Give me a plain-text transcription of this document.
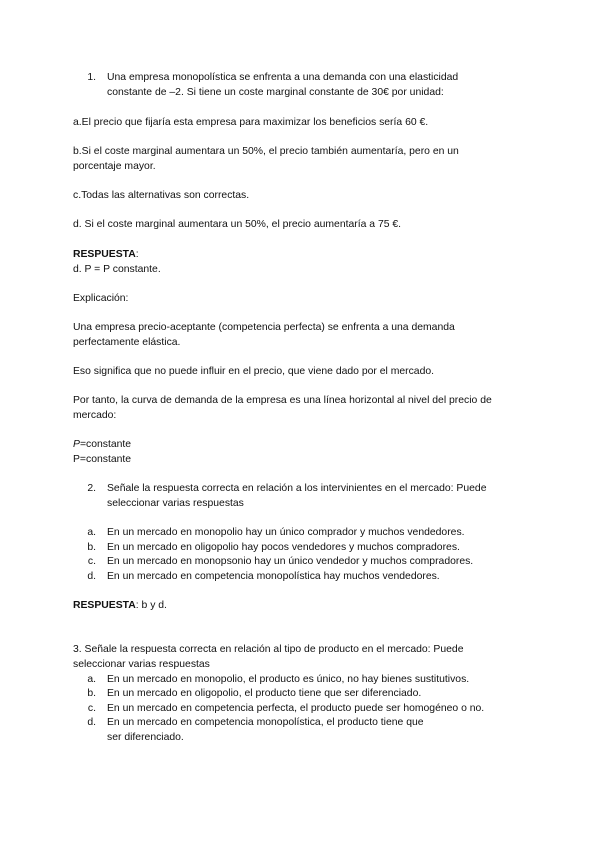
1. Una empresa monopolística se enfrenta a una demanda con una elasticidad
constante de –2. Si tiene un coste marginal constante de 30€ por unidad:

a.El precio que fijaría esta empresa para maximizar los beneficios sería 60 €.

b.Si el coste marginal aumentara un 50%, el precio también aumentaría, pero en un porcentaje mayor.

c.Todas las alternativas son correctas.

d. Si el coste marginal aumentara un 50%, el precio aumentaría a 75 €.

RESPUESTA:

d. P = P constante.

Explicación:

Una empresa precio-aceptante (competencia perfecta) se enfrenta a una demanda perfectamente elástica.

Eso significa que no puede influir en el precio, que viene dado por el mercado.

Por tanto, la curva de demanda de la empresa es una línea horizontal al nivel del precio de mercado:

P=constante

P=constante

2. Señale la respuesta correcta en relación a los intervinientes en el mercado: Puede
seleccionar varias respuestas
a. En un mercado en monopolio hay un único comprador y muchos vendedores.
b. En un mercado en oligopolio hay pocos vendedores y muchos compradores.
c. En un mercado en monopsonio hay un único vendedor y muchos compradores.
d. En un mercado en competencia monopolística hay muchos vendedores.

RESPUESTA: b y d.

3. Señale la respuesta correcta en relación al tipo de producto en el mercado: Puede seleccionar varias respuestas

a. En un mercado en monopolio, el producto es único, no hay bienes sustitutivos.
b. En un mercado en oligopolio, el producto tiene que ser diferenciado.
c. En un mercado en competencia perfecta, el producto puede ser homogéneo o no.
d. En un mercado en competencia monopolística, el producto tiene que ser diferenciado.
